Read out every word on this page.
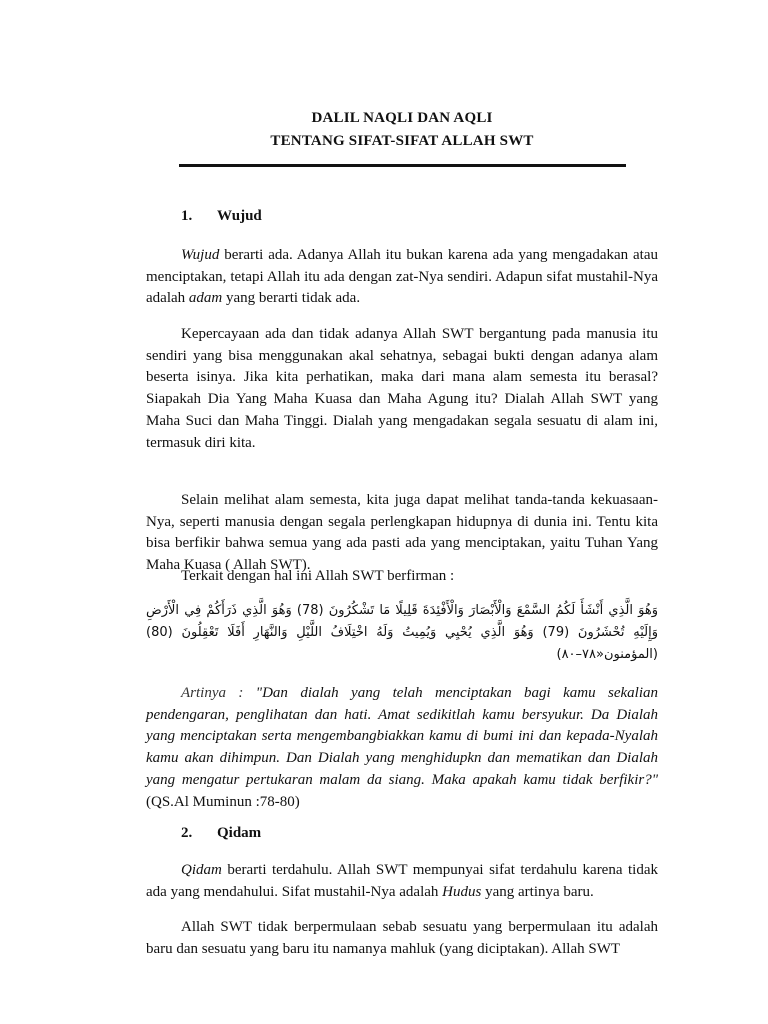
DALIL NAQLI DAN AQLI
TENTANG SIFAT-SIFAT ALLAH SWT
1. Wujud
Wujud berarti ada. Adanya Allah itu bukan karena ada yang mengadakan atau menciptakan, tetapi Allah itu ada dengan zat-Nya sendiri. Adapun sifat mustahil-Nya adalah adam yang berarti tidak ada.
Kepercayaan ada dan tidak adanya Allah SWT bergantung pada manusia itu sendiri yang bisa menggunakan akal sehatnya, sebagai bukti dengan adanya alam beserta isinya. Jika kita perhatikan, maka dari mana alam semesta itu berasal? Siapakah Dia Yang Maha Kuasa dan Maha Agung itu? Dialah Allah SWT yang Maha Suci dan Maha Tinggi. Dialah yang mengadakan segala sesuatu di alam ini, termasuk diri kita.
Selain melihat alam semesta, kita juga dapat melihat tanda-tanda kekuasaan-Nya, seperti manusia dengan segala perlengkapan hidupnya di dunia ini. Tentu kita bisa berfikir bahwa semua yang ada pasti ada yang menciptakan, yaitu Tuhan Yang Maha Kuasa ( Allah SWT).
Terkait dengan hal ini Allah SWT berfirman :
وَهُوَ الَّذِي أَنْشَأَ لَكُمُ السَّمْعَ وَالْأَبْصَارَ وَالْأَفْئِدَةَ قَلِيلًا مَا تَشْكُرُونَ (78) وَهُوَ الَّذِي ذَرَأَكُمْ فِي الْأَرْضِ وَإِلَيْهِ تُحْشَرُونَ (79) وَهُوَ الَّذِي يُحْيِي وَيُمِيتُ وَلَهُ اخْتِلَافُ اللَّيْلِ وَالنَّهَارِ أَفَلَا تَعْقِلُونَ (80) (المؤمنون«٧٨–٨٠)
Artinya : "Dan dialah yang telah menciptakan bagi kamu sekalian pendengaran, penglihatan dan hati. Amat sedikitlah kamu bersyukur. Da Dialah yang menciptakan serta mengembangbiakkan kamu di bumi ini dan kepada-Nyalah kamu akan dihimpun. Dan Dialah yang menghidupkn dan mematikan dan Dialah yang mengatur pertukaran malam da siang. Maka apakah kamu tidak berfikir?" (QS.Al Muminun :78-80)
2. Qidam
Qidam berarti terdahulu. Allah SWT mempunyai sifat terdahulu karena tidak ada yang mendahului. Sifat mustahil-Nya adalah Hudus yang artinya baru.
Allah SWT tidak berpermulaan sebab sesuatu yang berpermulaan itu adalah baru dan sesuatu yang baru itu namanya mahluk (yang diciptakan). Allah SWT
